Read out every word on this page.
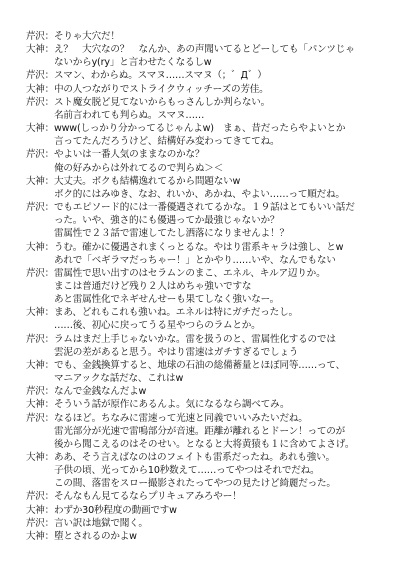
芹沢： そりゃ大穴だ！
大神： え？　大穴なの？　なんか、あの声聞いてるとどーしても「パンツじゃ
ないからy(ry」と言わせたくなるしw
芹沢： スマン、わからぬ。スマヌ……スマヌ（；゛Д゛）
大神： 中の人つながりでストライクウィッチーズの芳佳。
芹沢： スト魔女脱ど見てないからもっさんしか判らない。
名前言われても判らぬ。スマヌ……
大神： www(しっかり分かってるじゃんよw)　まぁ、昔だったらやよいとか
言ってたんだろうけど、結構好み変わってきててね。
芹沢： やよいは一番人気のままなのかな？
俺の好みからは外れてるので判らぬ＞＜
大神： 大丈夫。ボクも結構逸れてるから問題ないw
ボク的にはみゆき、なお、れいか、あかね、やよい……って順だね。
芹沢： でもエピソード的には一番優遇されてるかな。１９話はとてもいい話だ
った。いや、強さ的にも優遇ってか最強じゃないか？
雷属性で２３話で雷速してたし洒落になりませんよ！？
大神： うむ。確かに優遇されまくっとるな。やはり雷系キャラは強し、とw
あれで「ベギラマだっちゃー！」とかやり……いや、なんでもない
芹沢： 雷属性で思い出すのはセラムンのまこ、エネル、キルア辺りか。
まこは普通だけど残り２人はめちゃ強いですな
あと雷属性化でネギせんせーも果てしなく強いなー。
大神： まあ、どれもこれも強いね。エネルは特にガチだったし。
……後、初心に戻ってうる星やつらのラムとか。
芹沢： ラムはまだ上手じゃないかな。雷を扱うのと、雷属性化するのでは
雲泥の差があると思う。やはり雷速はガチすぎるでしょう
大神： でも、金銭換算すると、地球の石油の総備蓄量とほぼ同等……って、
マニアックな話だな、これはw
芹沢： なんで金銭なんだよw
大神： そういう話が原作にあるんよ。気になるなら調べてみ。
芹沢： なるほど。ちなみに雷速って光速と同義でいいみたいだね。
雷光部分が光速で雷鳴部分が音速。距離が離れるとドーン！ってのが
後から聞こえるのはそのせい。となると大将黄猿も１に含めてよさげ。
大神： ああ、そう言えばなのはのフェイトも雷系だったね。あれも強い。
子供の頃、光ってから10秒数えて……ってやつはそれでだね。
この間、落雷をスロー撮影されたってやつの見たけど綺麗だった。
芹沢： そんなもん見てるならプリキュアみろやー！
大神： わずか30秒程度の動画ですw
芹沢： 言い訳は地獄で聞く。
大神： 堕とされるのかよw
